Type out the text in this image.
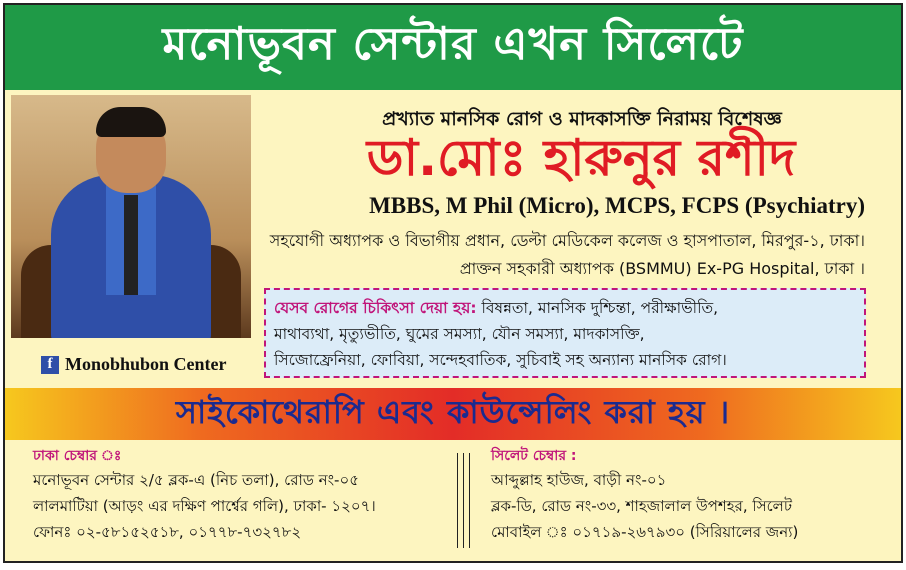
মনোভূবন সেন্টার এখন সিলেটে
f Monobhubon Center
প্রখ্যাত মানসিক রোগ ও মাদকাসক্তি নিরাময় বিশেষজ্ঞ
ডা.মোঃ হারুনুর রশীদ
MBBS, M Phil (Micro), MCPS, FCPS (Psychiatry)
সহযোগী অধ্যাপক ও বিভাগীয় প্রধান, ডেল্টা মেডিকেল কলেজ ও হাসপাতাল, মিরপুর-১, ঢাকা।
প্রাক্তন সহকারী অধ্যাপক (BSMMU) Ex-PG Hospital, ঢাকা ।
যেসব রোগের চিকিৎসা দেয়া হয়: বিষন্নতা, মানসিক দুশ্চিন্তা, পরীক্ষাভীতি,
মাথাব্যথা, মৃত্যুভীতি, ঘুমের সমস্যা, যৌন সমস্যা, মাদকাসক্তি,
সিজোফ্রেনিয়া, ফোবিয়া, সন্দেহবাতিক, সুচিবাই সহ অন্যান্য মানসিক রোগ।
সাইকোথেরাপি এবং কাউন্সেলিং করা হয় ।
ঢাকা চেম্বার ঃ
মনোভূবন সেন্টার ২/৫ ব্লক-এ (নিচ তলা), রোড নং-০৫
লালমাটিয়া (আড়ং এর দক্ষিণ পার্শ্বের গলি), ঢাকা- ১২০৭।
ফোনঃ ০২-৫৮১৫২৫১৮, ০১৭৭৮-৭৩২৭৮২
সিলেট চেম্বার :
আব্দুল্লাহ হাউজ, বাড়ী নং-০১
ব্লক-ডি, রোড নং-৩৩, শাহজালাল উপশহর, সিলেট
মোবাইল ঃ ০১৭১৯-২৬৭৯৩০ (সিরিয়ালের জন্য)
